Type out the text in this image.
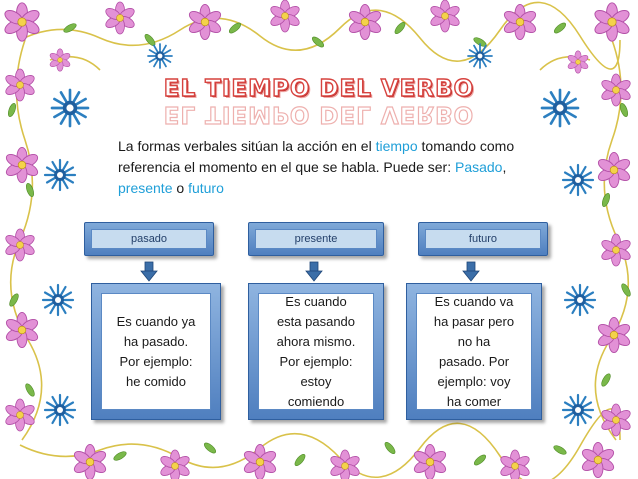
EL TIEMPO DEL VERBO
EL TIEMPO DEL VERBO
La formas verbales sitúan la acción en el tiempo tomando como referencia el momento en el que se habla. Puede ser: Pasado, presente o futuro
pasado
Es cuando ya
ha pasado.
Por ejemplo:
he comido
presente
Es cuando
esta pasando
ahora mismo.
Por ejemplo:
estoy
comiendo
futuro
Es cuando va
ha pasar pero
no ha
pasado. Por
ejemplo: voy
ha comer
